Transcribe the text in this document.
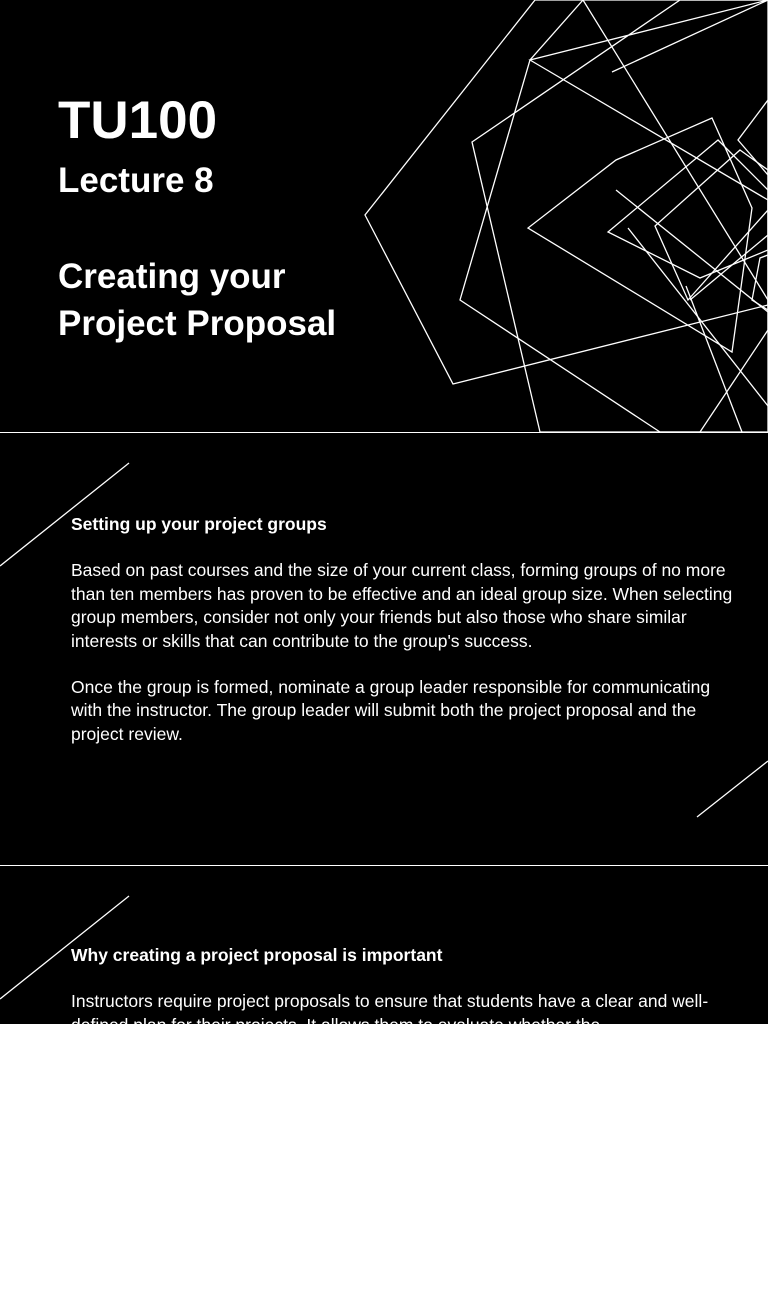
TU100
Lecture 8
Creating your Project Proposal
Setting up your project groups

Based on past courses and the size of your current class, forming groups of no more than ten members has proven to be effective and an ideal group size. When selecting group members, consider not only your friends but also those who share similar interests or skills that can contribute to the group's success.

Once the group is formed, nominate a group leader responsible for communicating with the instructor. The group leader will submit both the project proposal and the project review.

Why creating a project proposal is important

Instructors require project proposals to ensure that students have a clear and well-defined plan for their projects. It allows them to evaluate whether the
